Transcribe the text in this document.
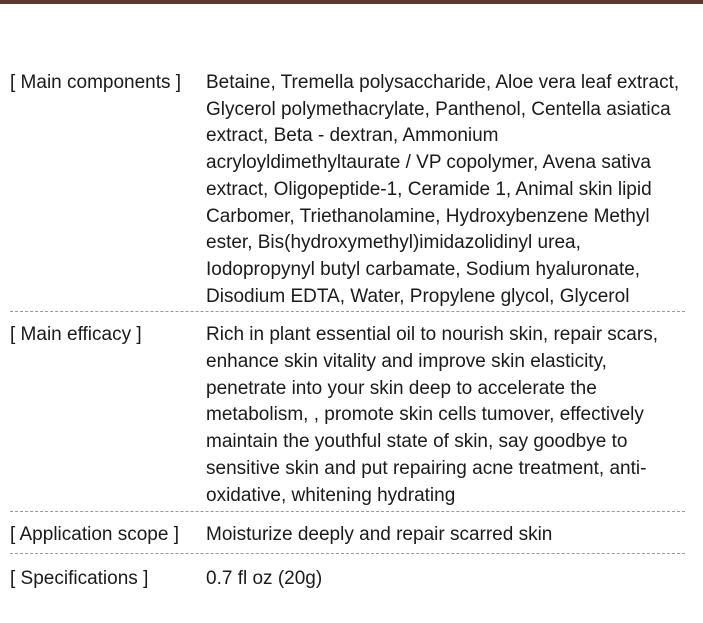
[ Main components ]	Betaine, Tremella polysaccharide, Aloe vera leaf extract, Glycerol polymethacrylate, Panthenol, Centella asiatica extract, Beta - dextran, Ammonium acryloyldimethyltaurate / VP copolymer, Avena sativa extract, Oligopeptide-1, Ceramide 1, Animal skin lipid Carbomer, Triethanolamine, Hydroxybenzene Methyl ester, Bis(hydroxymethyl)imidazolidinyl urea, Iodopropynyl butyl carbamate, Sodium hyaluronate, Disodium EDTA, Water, Propylene glycol, Glycerol
[ Main efficacy ]	Rich in plant essential oil to nourish skin, repair scars, enhance skin vitality and improve skin elasticity, penetrate into your skin deep to accelerate the metabolism, , promote skin cells tumover, effectively maintain the youthful state of skin, say goodbye to sensitive skin and put repairing acne treatment, anti-oxidative, whitening hydrating
[ Application scope ]	Moisturize deeply and repair scarred skin
[ Specifications ]	0.7 fl oz (20g)
